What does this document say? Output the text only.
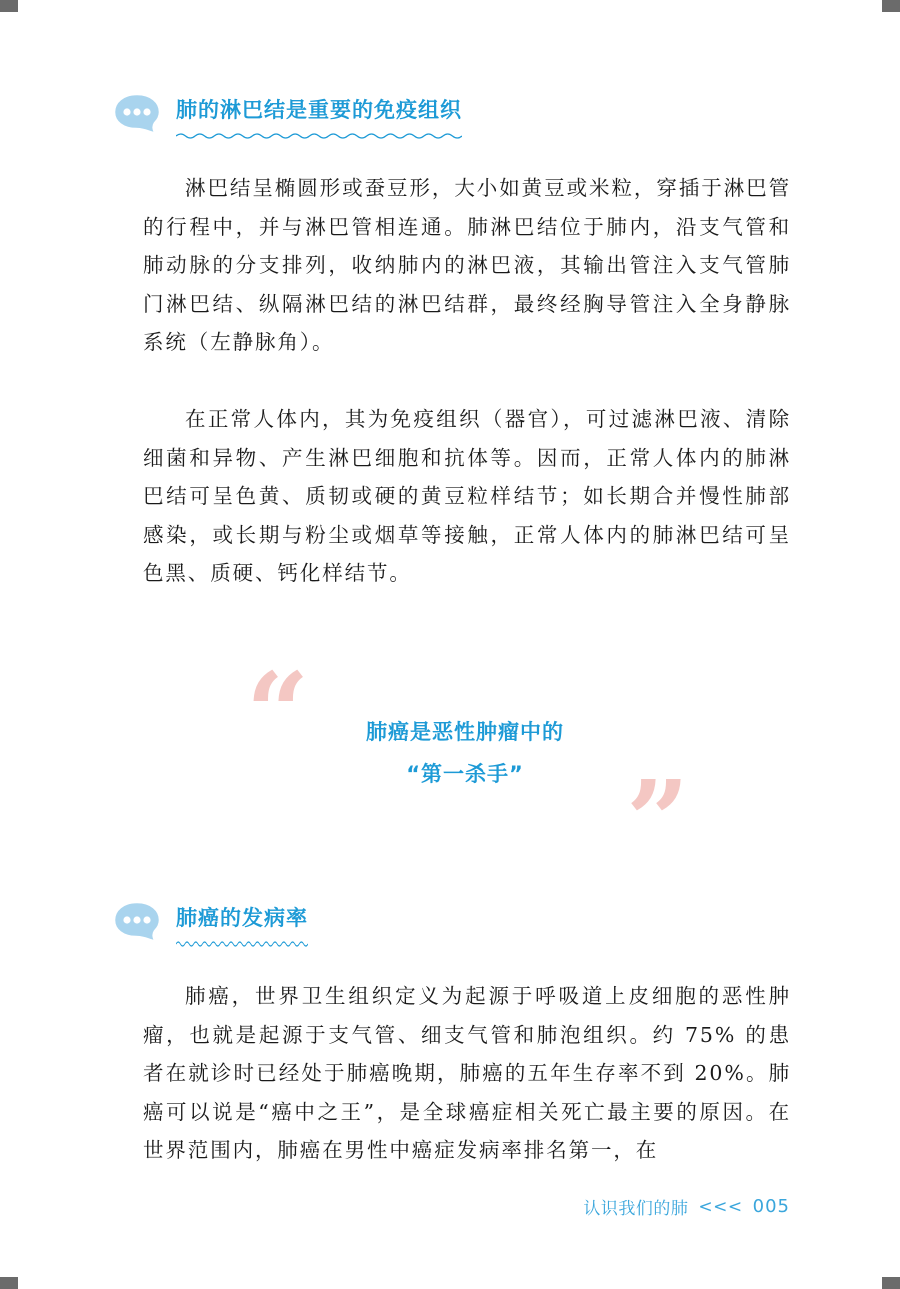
肺的淋巴结是重要的免疫组织

淋巴结呈椭圆形或蚕豆形，大小如黄豆或米粒，穿插于淋巴管的行程中，并与淋巴管相连通。肺淋巴结位于肺内，沿支气管和肺动脉的分支排列，收纳肺内的淋巴液，其输出管注入支气管肺门淋巴结、纵隔淋巴结的淋巴结群，最终经胸导管注入全身静脉系统（左静脉角）。

在正常人体内，其为免疫组织（器官），可过滤淋巴液、清除细菌和异物、产生淋巴细胞和抗体等。因而，正常人体内的肺淋巴结可呈色黄、质韧或硬的黄豆粒样结节；如长期合并慢性肺部感染，或长期与粉尘或烟草等接触，正常人体内的肺淋巴结可呈色黑、质硬、钙化样结节。

“	肺癌是恶性肿瘤中的
“第一杀手” ”
肺癌的发病率

肺癌，世界卫生组织定义为起源于呼吸道上皮细胞的恶性肿瘤，也就是起源于支气管、细支气管和肺泡组织。约 75% 的患者在就诊时已经处于肺癌晚期，肺癌的五年生存率不到 20%。肺癌可以说是“癌中之王”，是全球癌症相关死亡最主要的原因。在世界范围内，肺癌在男性中癌症发病率排名第一，在

认识我们的肺 <<< 005
